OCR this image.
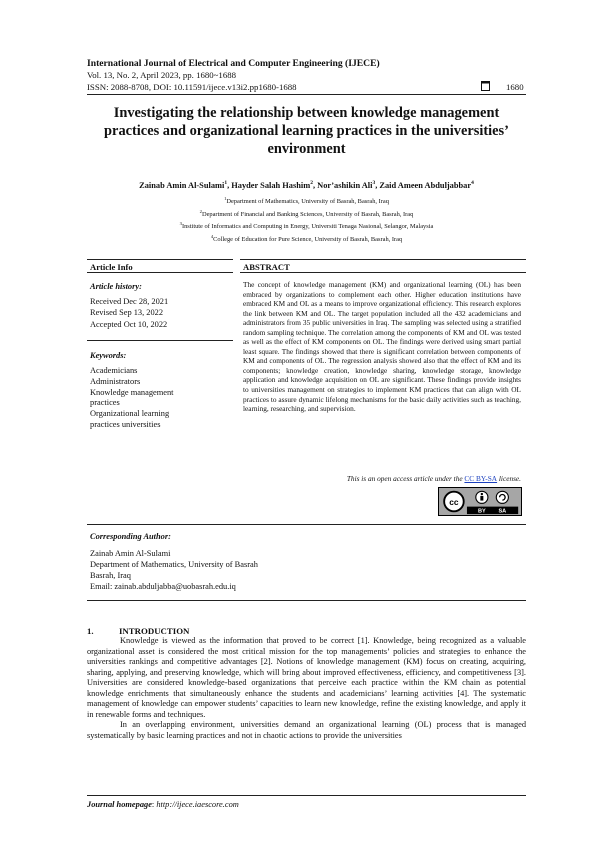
International Journal of Electrical and Computer Engineering (IJECE)
Vol. 13, No. 2, April 2023, pp. 1680~1688
ISSN: 2088-8708, DOI: 10.11591/ijece.v13i2.pp1680-1688	1680
Investigating the relationship between knowledge management practices and organizational learning practices in the universities’ environment
Zainab Amin Al-Sulami$^1$, Hayder Salah Hashim$^2$, Nor’ashikin Ali$^3$, Zaid Ameen Abduljabbar$^4$
$^1$Department of Mathematics, University of Basrah, Basrah, Iraq
$^2$Department of Financial and Banking Sciences, University of Basrah, Basrah, Iraq
$^3$Institute of Informatics and Computing in Energy, Universiti Tenaga Nasional, Selangor, Malaysia
$^4$College of Education for Pure Science, University of Basrah, Basrah, Iraq
Article Info	ABSTRACT
Article history:
Received Dec 28, 2021
Revised Sep 13, 2022
Accepted Oct 10, 2022
Keywords:
Academicians
Administrators
Knowledge management
practices
Organizational learning
practices universities
The concept of knowledge management (KM) and organizational learning (OL) has been embraced by organizations to complement each other. Higher education institutions have embraced KM and OL as a means to improve organizational efficiency. This research explores the link between KM and OL. The target population included all the 432 academicians and administrators from 35 public universities in Iraq. The sampling was selected using a stratified random sampling technique. The correlation among the components of KM and OL was tested as well as the effect of KM components on OL. The findings were derived using smart partial least square. The findings showed that there is significant correlation between components of KM and components of OL. The regression analysis showed also that the effect of KM and its components; knowledge creation, knowledge sharing, knowledge storage, knowledge application and knowledge acquisition on OL are significant. These findings provide insights to universities management on strategies to implement KM practices that can align with OL practices to assure dynamic lifelong mechanisms for the basic daily activities such as teaching, learning, researching, and supervision.
This is an open access article under the CC BY-SA license.
cc
BY SA
Corresponding Author:
Zainab Amin Al-Sulami
Department of Mathematics, University of Basrah
Basrah, Iraq
Email: zainab.abduljabba@uobasrah.edu.iq
1.	INTRODUCTION

Knowledge is viewed as the information that proved to be correct [1]. Knowledge, being recognized as a valuable organizational asset is considered the most critical mission for the top managements’ policies and strategies to enhance the universities rankings and competitive advantages [2]. Notions of knowledge management (KM) focus on creating, acquiring, sharing, applying, and preserving knowledge, which will bring about improved effectiveness, efficiency, and competitiveness [3]. Universities are considered knowledge-based organizations that perceive each practice within the KM chain as potential knowledge enrichments that simultaneously enhance the students and academicians’ learning activities [4]. The systematic management of knowledge can empower students’ capacities to learn new knowledge, refine the existing knowledge, and apply it in renewable forms and techniques.

In an overlapping environment, universities demand an organizational learning (OL) process that is managed systematically by basic learning practices and not in chaotic actions to provide the universities

Journal homepage: http://ijece.iaescore.com
